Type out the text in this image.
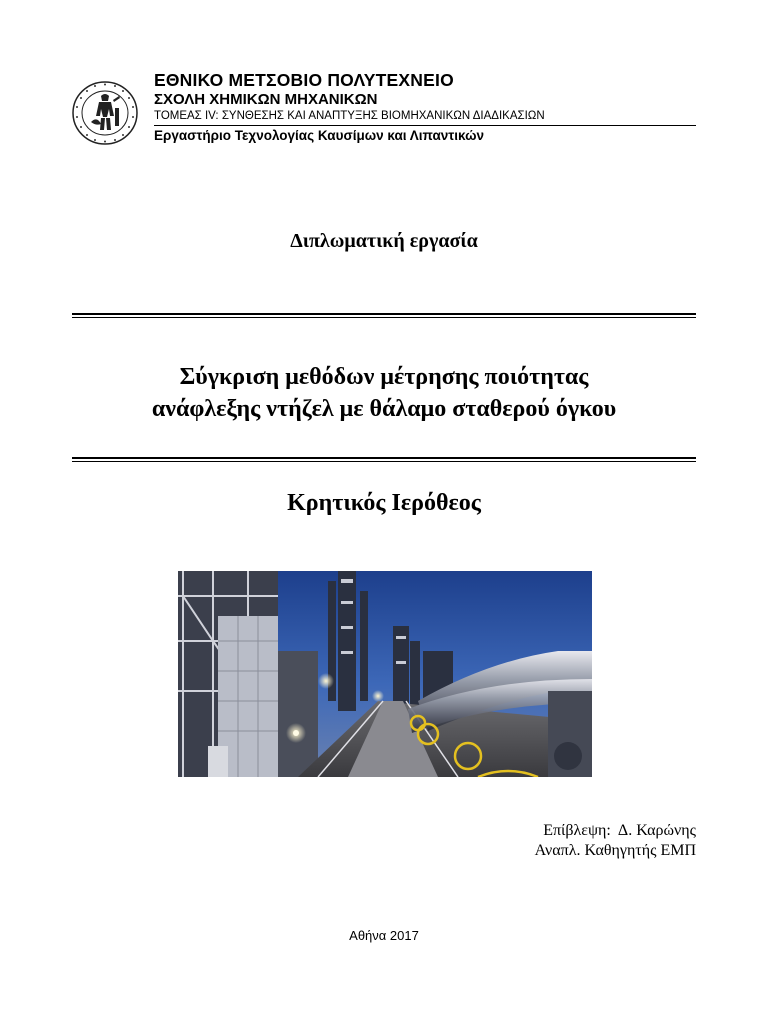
ΕΘΝΙΚΟ ΜΕΤΣΟΒΙΟ ΠΟΛΥΤΕΧΝΕΙΟ
ΣΧΟΛΗ ΧΗΜΙΚΩΝ ΜΗΧΑΝΙΚΩΝ
ΤΟΜΕΑΣ IV: ΣΥΝΘΕΣΗΣ ΚΑΙ ΑΝΑΠΤΥΞΗΣ ΒΙΟΜΗΧΑΝΙΚΩΝ ΔΙΑΔΙΚΑΣΙΩΝ
Εργαστήριο Τεχνολογίας Καυσίμων και Λιπαντικών
Διπλωματική εργασία
Σύγκριση μεθόδων μέτρησης ποιότητας
ανάφλεξης ντήζελ με θάλαμο σταθερού όγκου
Κρητικός Ιερόθεος
Επίβλεψη:  Δ. Καρώνης
Αναπλ. Καθηγητής ΕΜΠ
Αθήνα 2017
